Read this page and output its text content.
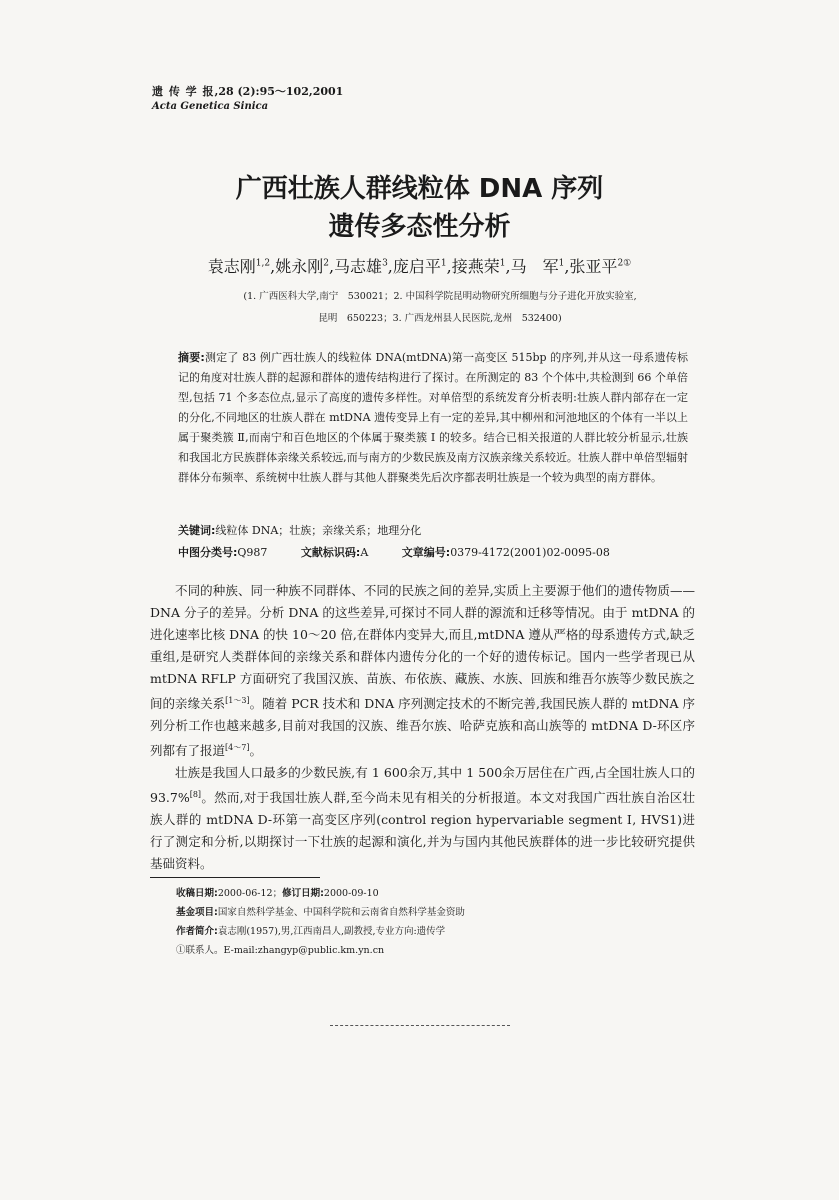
遗 传 学 报,28 (2):95～102,2001
Acta Genetica Sinica
广西壮族人群线粒体 DNA 序列
遗传多态性分析
袁志刚$^{1,2}$,姚永刚$^2$,马志雄$^3$,庞启平$^1$,接燕荣$^1$,马　军$^1$,张亚平$^{2①}$
(1. 广西医科大学,南宁　530021；2. 中国科学院昆明动物研究所细胞与分子进化开放实验室,
昆明　650223；3. 广西龙州县人民医院,龙州　532400)
摘要:测定了 83 例广西壮族人的线粒体 DNA(mtDNA)第一高变区 515bp 的序列,并从这一母系遗传标记的角度对壮族人群的起源和群体的遗传结构进行了探讨。在所测定的 83 个个体中,共检测到 66 个单倍型,包括 71 个多态位点,显示了高度的遗传多样性。对单倍型的系统发育分析表明:壮族人群内部存在一定的分化,不同地区的壮族人群在 mtDNA 遗传变异上有一定的差异,其中柳州和河池地区的个体有一半以上属于聚类簇 Ⅱ,而南宁和百色地区的个体属于聚类簇 Ⅰ 的较多。结合已相关报道的人群比较分析显示,壮族和我国北方民族群体亲缘关系较远,而与南方的少数民族及南方汉族亲缘关系较近。壮族人群中单倍型辐射群体分布频率、系统树中壮族人群与其他人群聚类先后次序都表明壮族是一个较为典型的南方群体。
关键词:线粒体 DNA；壮族；亲缘关系；地理分化
中图分类号:Q987	文献标识码:A	文章编号:0379-4172(2001)02-0095-08

不同的种族、同一种族不同群体、不同的民族之间的差异,实质上主要源于他们的遗传物质——DNA 分子的差异。分析 DNA 的这些差异,可探讨不同人群的源流和迁移等情况。由于 mtDNA 的进化速率比核 DNA 的快 10～20 倍,在群体内变异大,而且,mtDNA 遵从严格的母系遗传方式,缺乏重组,是研究人类群体间的亲缘关系和群体内遗传分化的一个好的遗传标记。国内一些学者现已从 mtDNA RFLP 方面研究了我国汉族、苗族、布依族、藏族、水族、回族和维吾尔族等少数民族之间的亲缘关系[1～3]。随着 PCR 技术和 DNA 序列测定技术的不断完善,我国民族人群的 mtDNA 序列分析工作也越来越多,目前对我国的汉族、维吾尔族、哈萨克族和高山族等的 mtDNA D-环区序列都有了报道[4～7]。

壮族是我国人口最多的少数民族,有 1 600余万,其中 1 500余万居住在广西,占全国壮族人口的 93.7%[8]。然而,对于我国壮族人群,至今尚未见有相关的分析报道。本文对我国广西壮族自治区壮族人群的 mtDNA D-环第一高变区序列(control region hypervariable segment Ⅰ, HVS1)进行了测定和分析,以期探讨一下壮族的起源和演化,并为与国内其他民族群体的进一步比较研究提供基础资料。

收稿日期:2000-06-12；修订日期:2000-09-10
基金项目:国家自然科学基金、中国科学院和云南省自然科学基金资助
作者简介:袁志刚(1957),男,江西南昌人,副教授,专业方向:遗传学
①联系人。E-mail:zhangyp@public.km.yn.cn
